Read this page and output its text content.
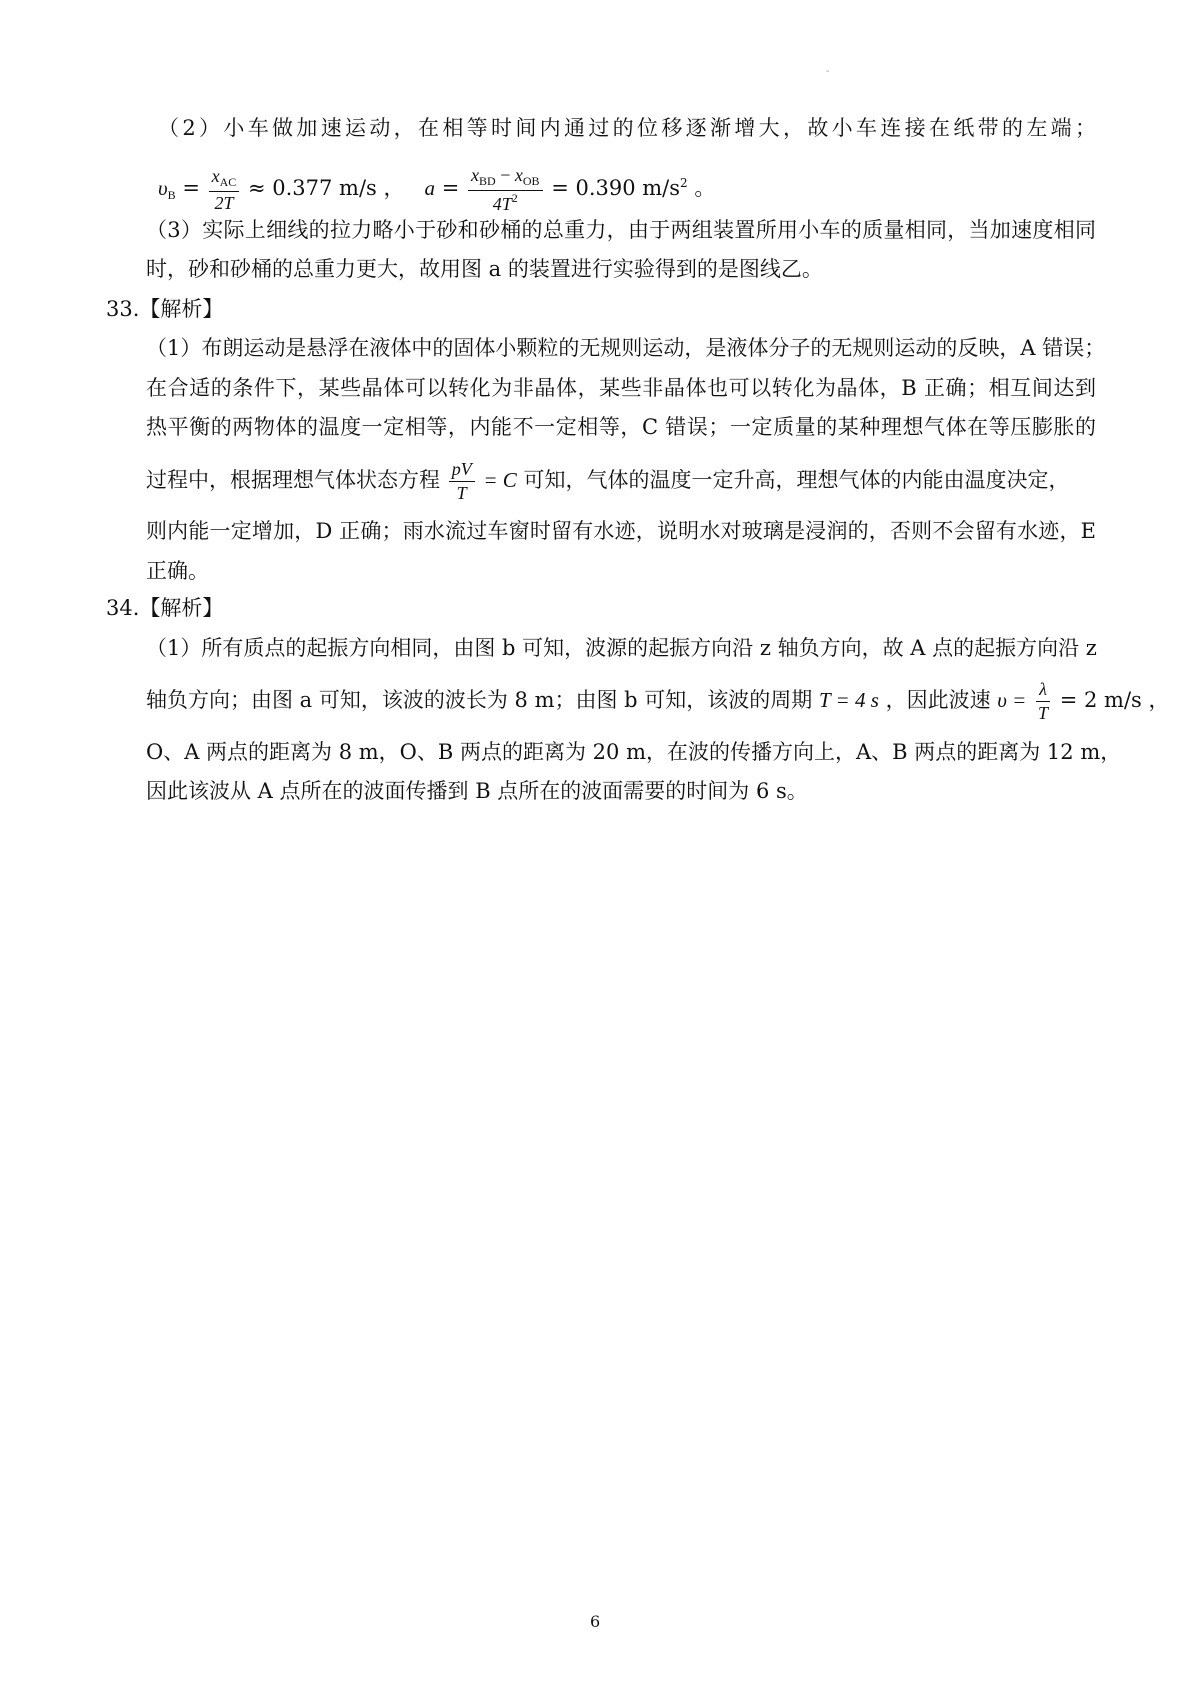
-
（2）小车做加速运动，在相等时间内通过的位移逐渐增大，故小车连接在纸带的左端；
$\upsilon_B = \frac{x_{AC}}{2T} \approx 0.377$ m/s ， $a = \frac{x_{BD} - x_{OB}}{4T^2} = 0.390$ $m/s^2$ 。
（3）实际上细线的拉力略小于砂和砂桶的总重力，由于两组装置所用小车的质量相同，当加速度相同
时，砂和砂桶的总重力更大，故用图 a 的装置进行实验得到的是图线乙。
33.【解析】
（1）布朗运动是悬浮在液体中的固体小颗粒的无规则运动，是液体分子的无规则运动的反映，A 错误；
在合适的条件下，某些晶体可以转化为非晶体，某些非晶体也可以转化为晶体，B 正确；相互间达到
热平衡的两物体的温度一定相等，内能不一定相等，C 错误；一定质量的某种理想气体在等压膨胀的
过程中，根据理想气体状态方程 $\frac{pV}{T} = C$ 可知，气体的温度一定升高，理想气体的内能由温度决定，
则内能一定增加，D 正确；雨水流过车窗时留有水迹，说明水对玻璃是浸润的，否则不会留有水迹，E
正确。
34.【解析】
（1）所有质点的起振方向相同，由图 b 可知，波源的起振方向沿 z 轴负方向，故 A 点的起振方向沿 z
轴负方向；由图 a 可知，该波的波长为 8 m；由图 b 可知，该波的周期 T = 4 s ，因此波速 $\upsilon = \frac{\lambda}{T} = 2$ m/s ，
O、A 两点的距离为 8 m，O、B 两点的距离为 20 m，在波的传播方向上，A、B 两点的距离为 12 m，
因此该波从 A 点所在的波面传播到 B 点所在的波面需要的时间为 6 s。
6
